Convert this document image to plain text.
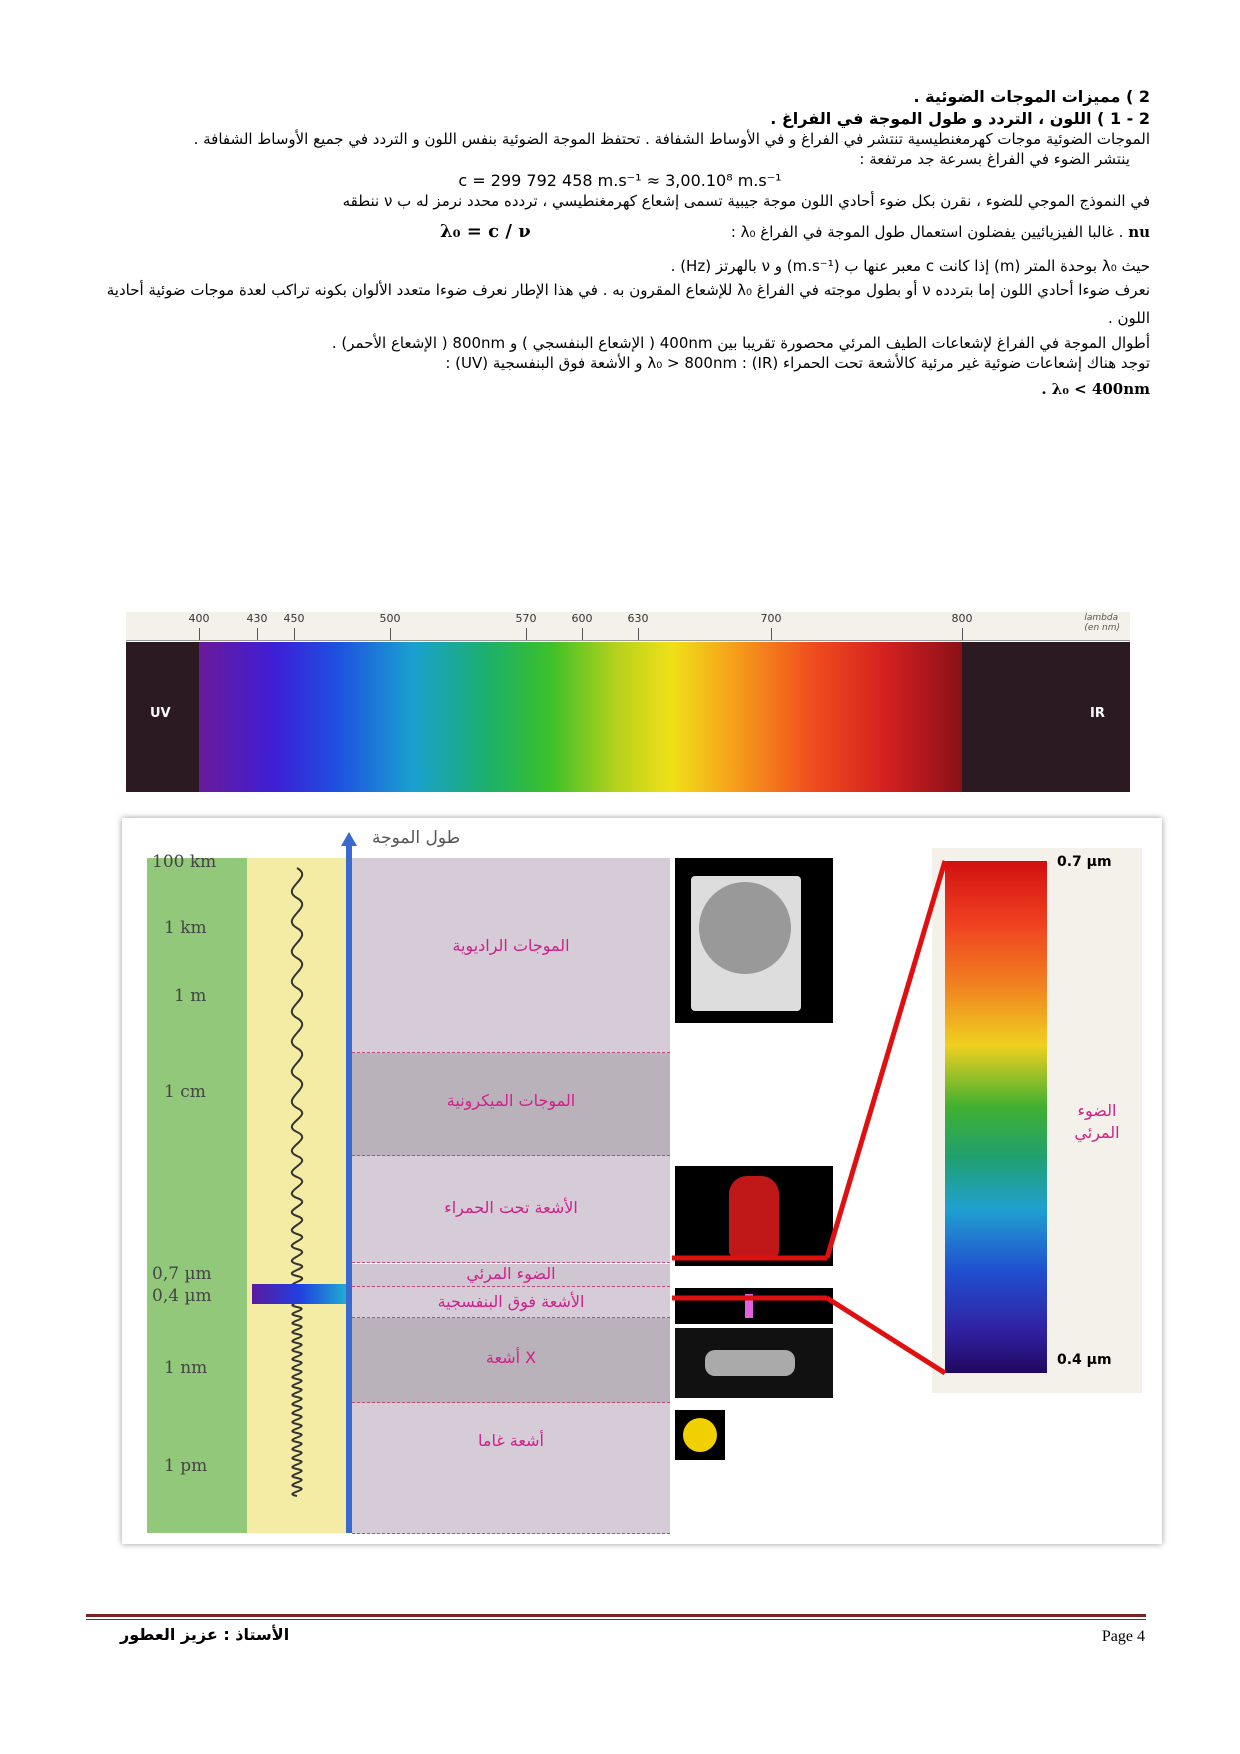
2 ) مميزات الموجات الضوئية .

2 - 1 ) اللون ، التردد و طول الموجة في الفراغ .

الموجات الضوئية موجات كهرمغنطيسية تنتشر في الفراغ و في الأوساط الشفافة . تحتفظ الموجة الضوئية بنفس اللون و التردد في جميع الأوساط الشفافة .

ينتشر الضوء في الفراغ بسرعة جد مرتفعة :

c = 299 792 458 m.s⁻¹ ≈ 3,00.10⁸ m.s⁻¹

في النموذج الموجي للضوء ، نقرن بكل ضوء أحادي اللون موجة جيبية تسمى إشعاع كهرمغنطيسي ، تردده محدد نرمز له ب ν ننطقه

nu . غالبا الفيزيائيين يفضلون استعمال طول الموجة في الفراغ λ₀ :
λ₀ = c / ν

حيث λ₀ بوحدة المتر (m) إذا كانت c معبر عنها ب (m.s⁻¹) و ν بالهرتز (Hz) .

نعرف ضوءا أحادي اللون إما بتردده ν أو بطول موجته في الفراغ λ₀ للإشعاع المقرون به . في هذا الإطار نعرف ضوءا متعدد الألوان بكونه تراكب لعدة موجات ضوئية أحادية اللون .

أطوال الموجة في الفراغ لإشعاعات الطيف المرئي محصورة تقريبا بين 400nm ( الإشعاع البنفسجي ) و 800nm ( الإشعاع الأحمر) .

توجد هناك إشعاعات ضوئية غير مرئية كالأشعة تحت الحمراء (IR) : λ₀ > 800nm و الأشعة فوق البنفسجية (UV) :

λ₀ < 400nm .

400	430 450	500	570	600	630	700	800	lambda
(en nm)
UV	IR
طول الموجة
100 km
1 km
1 m
1 cm
0,7 µm
0,4 µm
1 nm
1 pm
الموجات الراديوية
الموجات الميكرونية
الأشعة تحت الحمراء
الضوء المرئي
الأشعة فوق البنفسجية
أشعة X
أشعة غاما
0.7 µm
0.4 µm
الضوء المرئي
الأستاذ : عزيز العطور	Page 4
